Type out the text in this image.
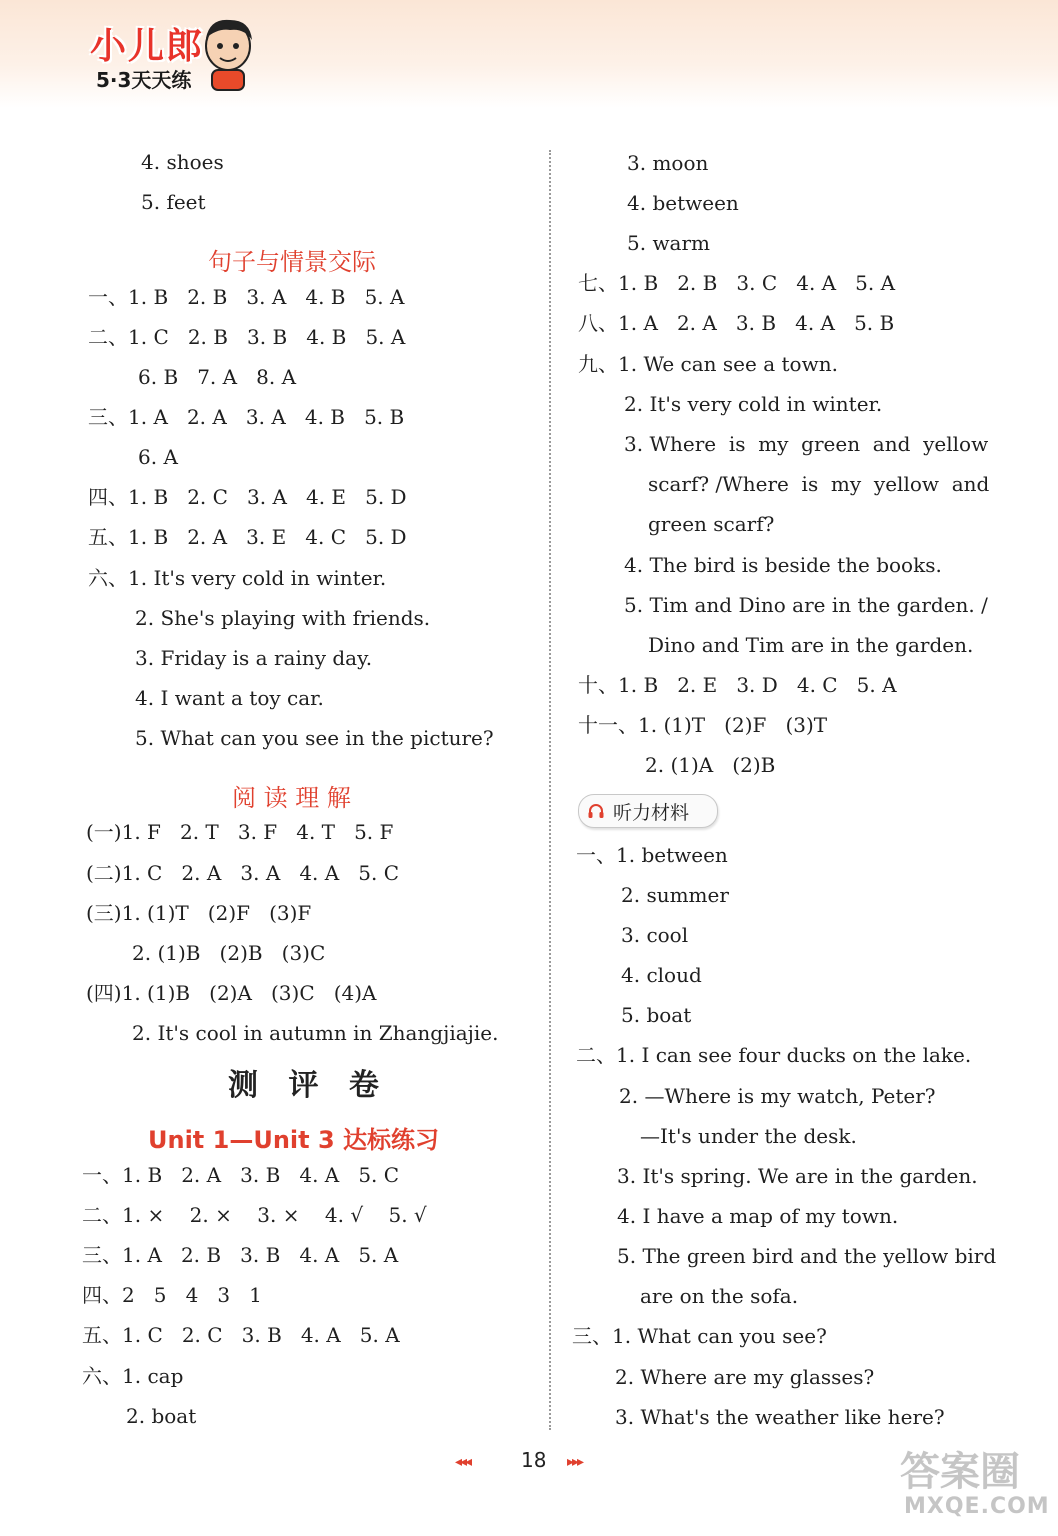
小儿郎
5·3天天练
4. shoes
5. feet
句子与情景交际
一、1. B   2. B   3. A   4. B   5. A
二、1. C   2. B   3. B   4. B   5. A
6. B   7. A   8. A
三、1. A   2. A   3. A   4. B   5. B
6. A
四、1. B   2. C   3. A   4. E   5. D
五、1. B   2. A   3. E   4. C   5. D
六、1. It's very cold in winter.
2. She's playing with friends.
3. Friday is a rainy day.
4. I want a toy car.
5. What can you see in the picture?
阅 读 理 解
(一)1. F   2. T   3. F   4. T   5. F
(二)1. C   2. A   3. A   4. A   5. C
(三)1. (1)T   (2)F   (3)F
2. (1)B   (2)B   (3)C
(四)1. (1)B   (2)A   (3)C   (4)A
2. It's cool in autumn in Zhangjiajie.
测 评 卷
Unit 1—Unit 3 达标练习
一、1. B   2. A   3. B   4. A   5. C
二、1. ×    2. ×    3. ×    4. √    5. √
三、1. A   2. B   3. B   4. A   5. A
四、2   5   4   3   1
五、1. C   2. C   3. B   4. A   5. A
六、1. cap
2. boat
3. moon
4. between
5. warm
七、1. B   2. B   3. C   4. A   5. A
八、1. A   2. A   3. B   4. A   5. B
九、1. We can see a town.
2. It's very cold in winter.
3. Where  is  my  green  and  yellow
scarf? /Where  is  my  yellow  and
green scarf?
4. The bird is beside the books.
5. Tim and Dino are in the garden. /
Dino and Tim are in the garden.
十、1. B   2. E   3. D   4. C   5. A
十一、1. (1)T   (2)F   (3)T
2. (1)A   (2)B
听力材料
一、1. between
2. summer
3. cool
4. cloud
5. boat
二、1. I can see four ducks on the lake.
2. —Where is my watch, Peter?
—It's under the desk.
3. It's spring. We are in the garden.
4. I have a map of my town.
5. The green bird and the yellow bird
are on the sofa.
三、1. What can you see?
2. Where are my glasses?
3. What's the weather like here?
◂◂◂	18 ▸▸▸	答案圈
MXQE.COM
